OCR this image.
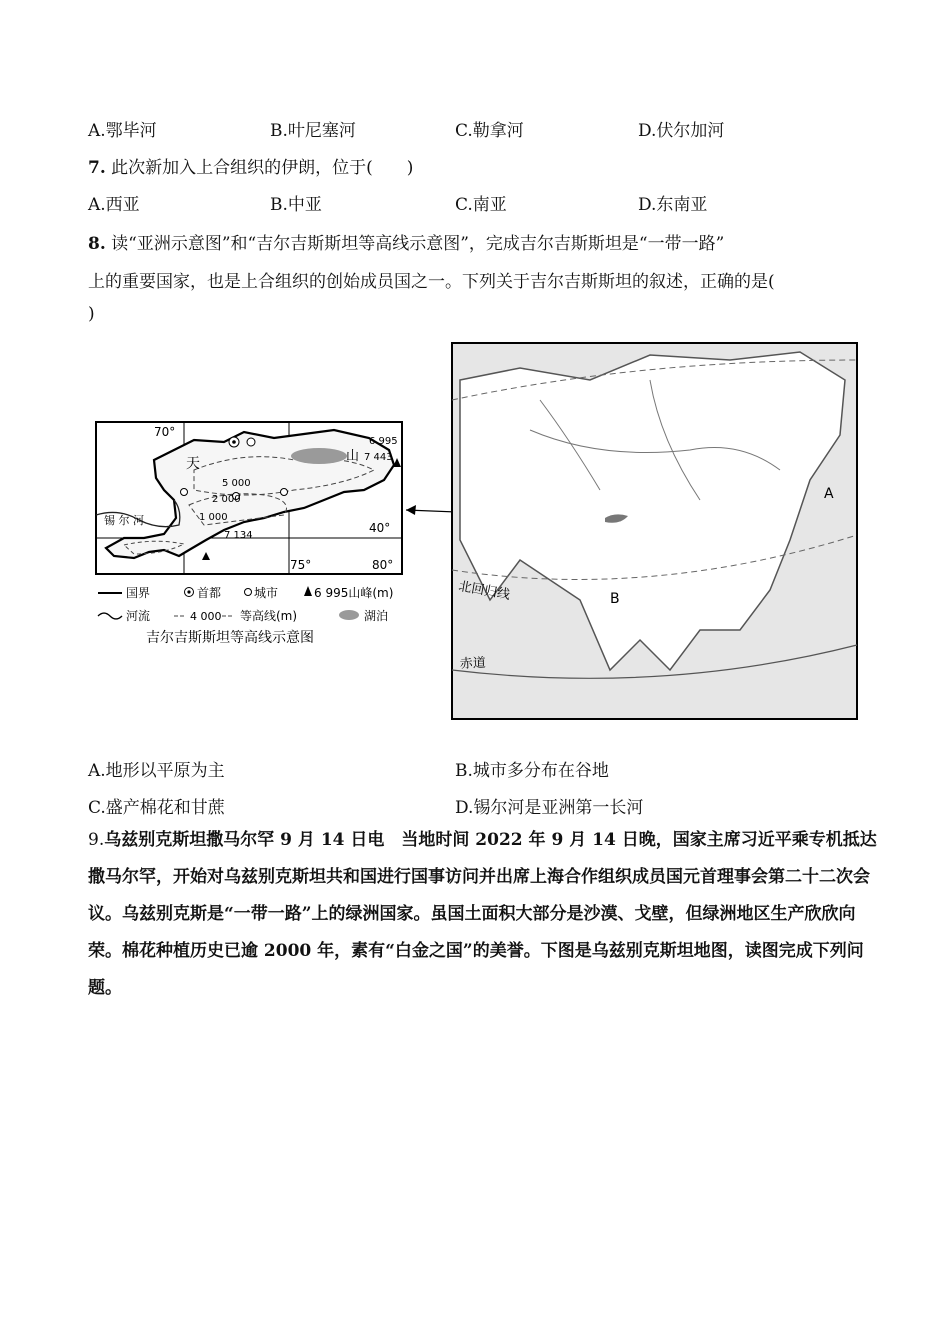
A.鄂毕河	B.叶尼塞河	C.勒拿河	D.伏尔加河
7. 此次新加入上合组织的伊朗，位于(　　)
A.西亚	B.中亚	C.南亚	D.东南亚
8. 读“亚洲示意图”和“吉尔吉斯斯坦等高线示意图”，完成吉尔吉斯斯坦是“一带一路”
上的重要国家，也是上合组织的创始成员国之一。下列关于吉尔吉斯斯坦的叙述，正确的是(
)
70°
6 995
7 443
山
天
5 000
2 000
1 000
7 134
锡 尔 河
40°
75°	80°
国界	首都	城市	6 995山峰(m)
河流	4 000 等高线(m)	湖泊
吉尔吉斯斯坦等高线示意图
A
B
北回归线
赤道
A.地形以平原为主	B.城市多分布在谷地
C.盛产棉花和甘蔗	D.锡尔河是亚洲第一长河
9.乌兹别克斯坦撒马尔罕 9 月 14 日电　当地时间 2022 年 9 月 14 日晚，国家主席习近平乘专机抵达撒马尔罕，开始对乌兹别克斯坦共和国进行国事访问并出席上海合作组织成员国元首理事会第二十二次会议。乌兹别克斯是“一带一路”上的绿洲国家。虽国土面积大部分是沙漠、戈壁，但绿洲地区生产欣欣向荣。棉花种植历史已逾 2000 年，素有“白金之国”的美誉。下图是乌兹别克斯坦地图，读图完成下列问题。
